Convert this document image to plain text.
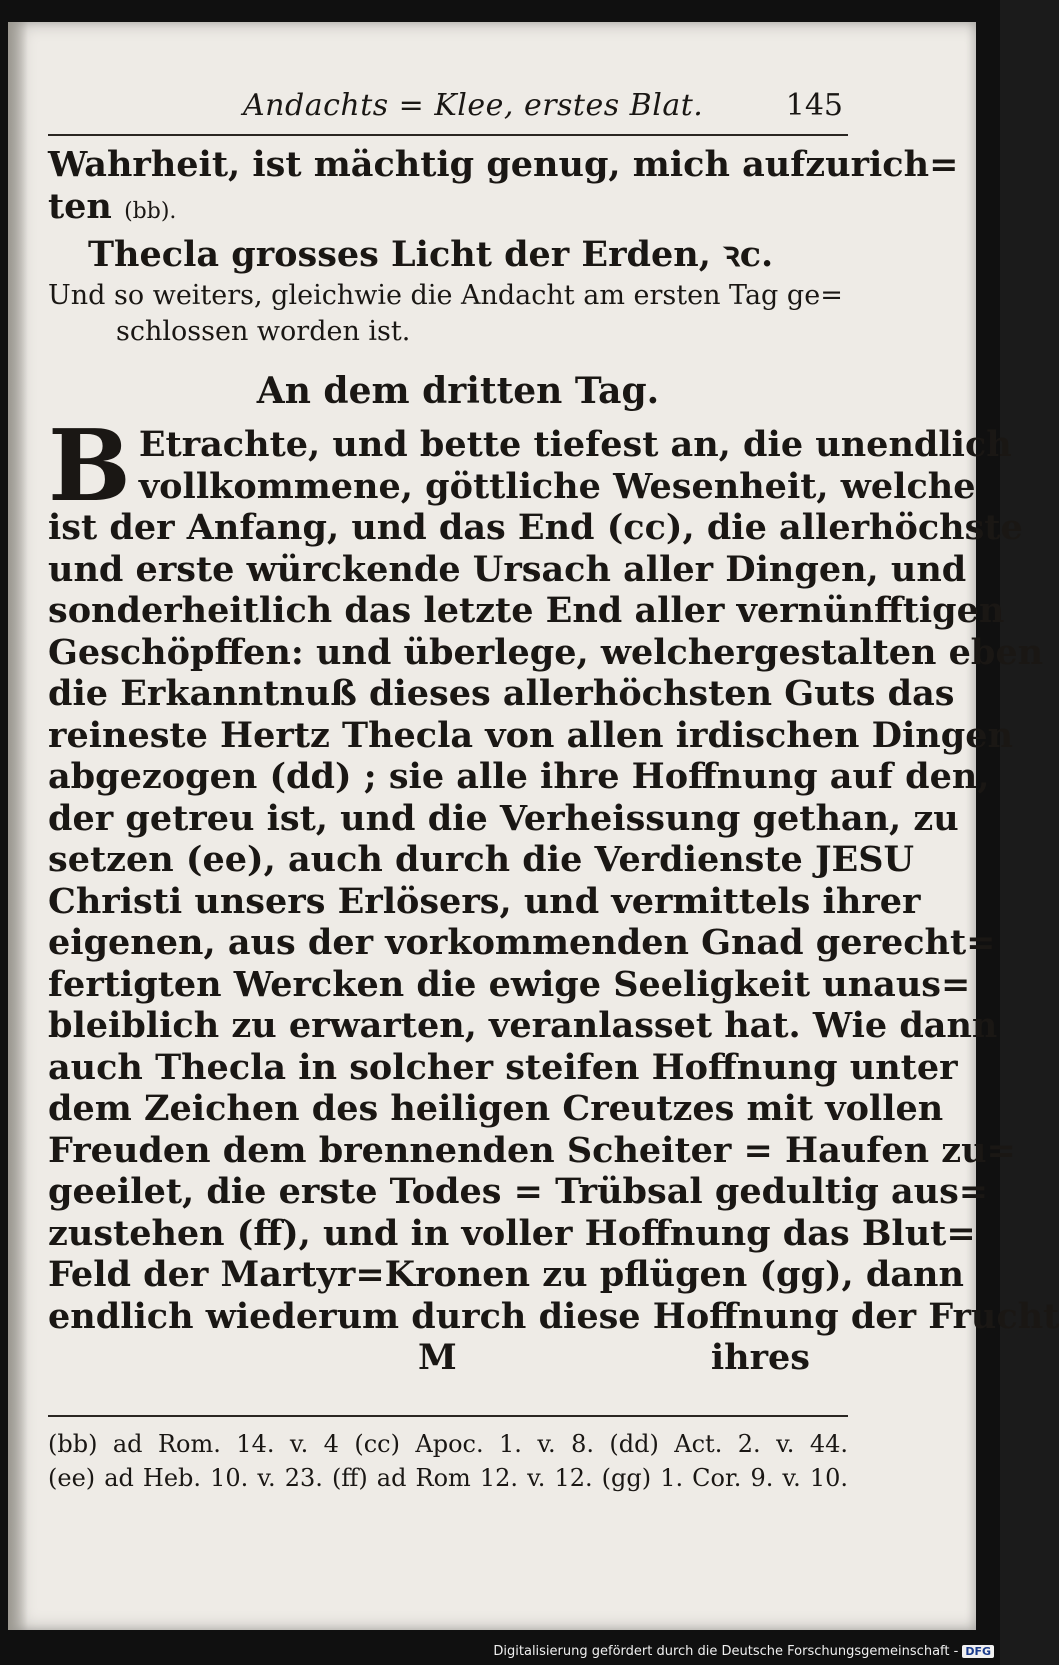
Andachts = Klee, erstes Blat.	145
Wahrheit, ist mächtig genug, mich aufzurich=
ten (bb).
Thecla grosses Licht der Erden, ꝛc.
Und so weiters, gleichwie die Andacht am ersten Tag ge=
schlossen worden ist.
An dem dritten Tag.
B Etrachte, und bette tiefest an, die unendlich
vollkommene, göttliche Wesenheit, welche
ist der Anfang, und das End (cc), die allerhöchste
und erste würckende Ursach aller Dingen, und
sonderheitlich das letzte End aller vernünfftigen
Geschöpffen: und überlege, welchergestalten eben
die Erkanntnuß dieses allerhöchsten Guts das
reineste Hertz Thecla von allen irdischen Dingen
abgezogen (dd) ; sie alle ihre Hoffnung auf den,
der getreu ist, und die Verheissung gethan, zu
setzen (ee), auch durch die Verdienste JESU
Christi unsers Erlösers, und vermittels ihrer
eigenen, aus der vorkommenden Gnad gerecht=
fertigten Wercken die ewige Seeligkeit unaus=
bleiblich zu erwarten, veranlasset hat. Wie dann
auch Thecla in solcher steifen Hoffnung unter
dem Zeichen des heiligen Creutzes mit vollen
Freuden dem brennenden Scheiter = Haufen zu=
geeilet, die erste Todes = Trübsal gedultig aus=
zustehen (ff), und in voller Hoffnung das Blut=
Feld der Martyr=Kronen zu pflügen (gg), dann
endlich wiederum durch diese Hoffnung der Frucht
M	ihres
(bb) ad Rom. 14. v. 4 (cc) Apoc. 1. v. 8. (dd) Act. 2. v. 44.
(ee) ad Heb. 10. v. 23. (ff) ad Rom 12. v. 12. (gg) 1. Cor. 9. v. 10.
Digitalisierung gefördert durch die Deutsche Forschungsgemeinschaft - DFG
